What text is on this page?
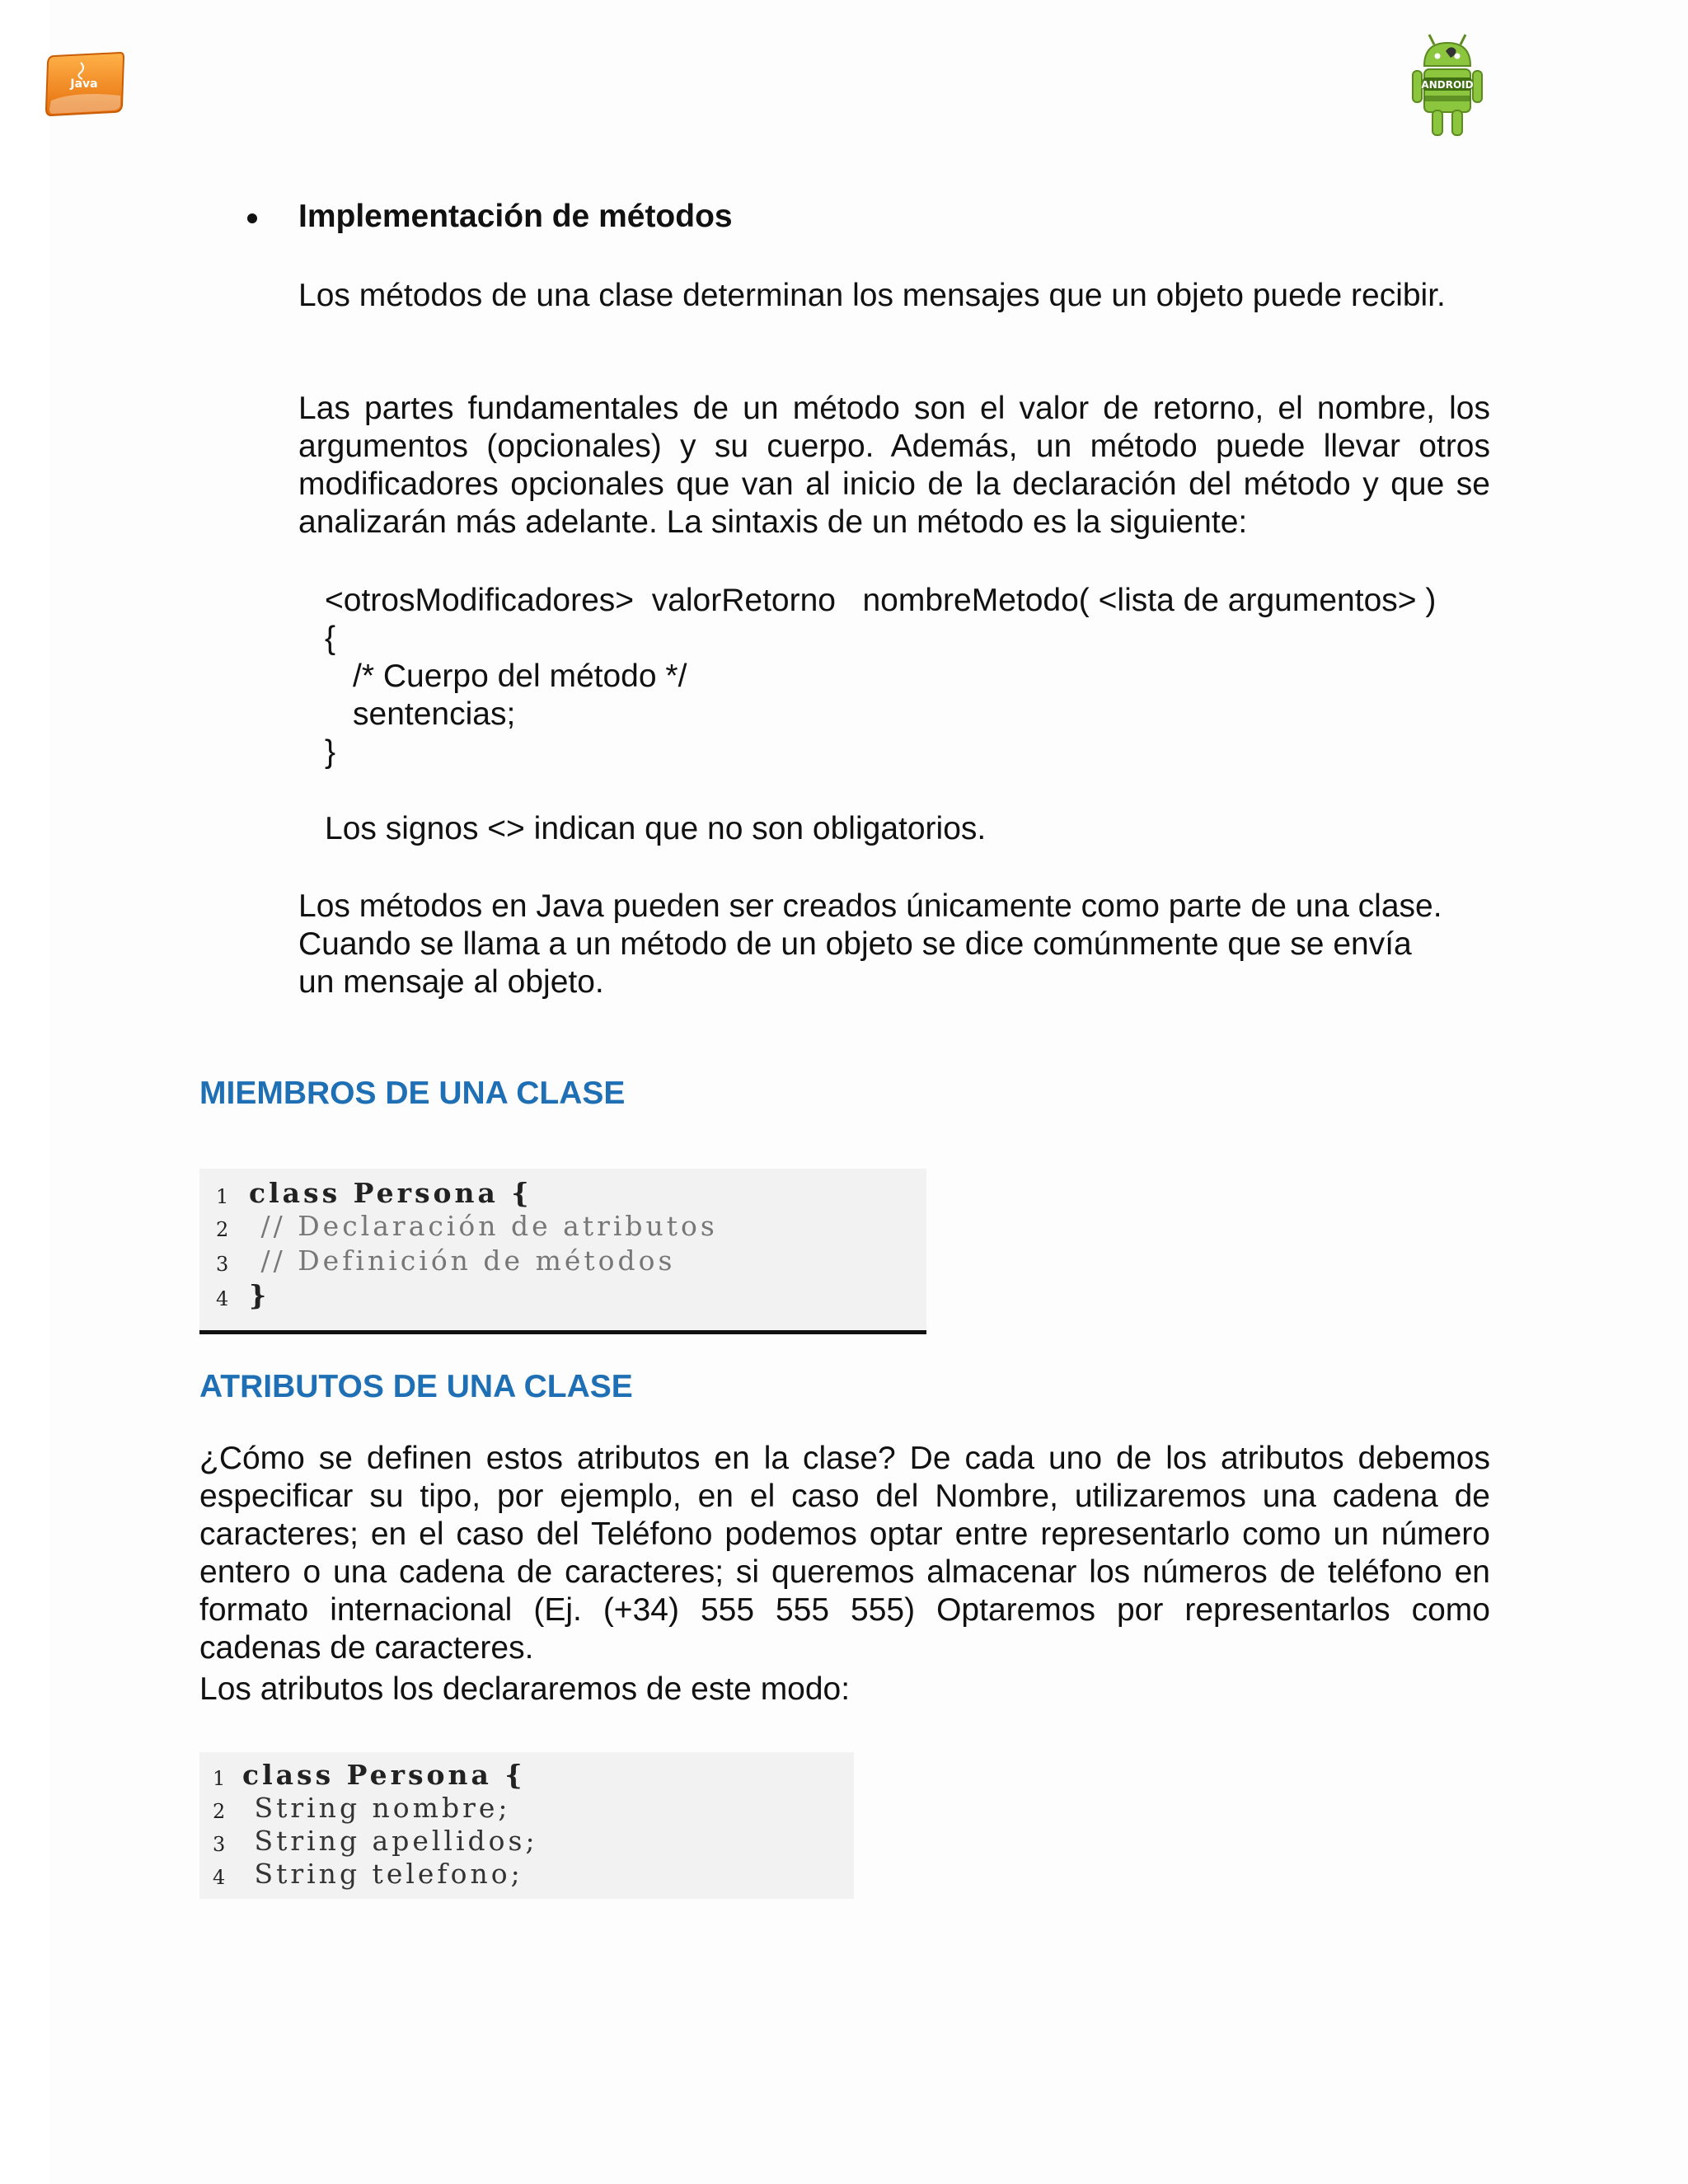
Java	ANDROID
Implementación de métodos
Los métodos de una clase determinan los mensajes que un objeto puede recibir.
Las partes fundamentales de un método son el valor de retorno, el nombre, los argumentos (opcionales) y su cuerpo. Además, un método puede llevar otros modificadores opcionales que van al inicio de la declaración del método y que se analizarán más adelante. La sintaxis de un método es la siguiente:
<otrosModificadores>  valorRetorno   nombreMetodo( <lista de argumentos> )
{
/* Cuerpo del método */
sentencias;
}
Los signos <> indican que no son obligatorios.
Los métodos en Java pueden ser creados únicamente como parte de una clase.
Cuando se llama a un método de un objeto se dice comúnmente que se envía
un mensaje al objeto.
MIEMBROS DE UNA CLASE
1 class Persona {
2 // Declaración de atributos
3 // Definición de métodos
4 }
ATRIBUTOS DE UNA CLASE
¿Cómo se definen estos atributos en la clase? De cada uno de los atributos debemos especificar su tipo, por ejemplo, en el caso del Nombre, utilizaremos una cadena de caracteres; en el caso del Teléfono podemos optar entre representarlo como un número entero o una cadena de caracteres; si queremos almacenar los números de teléfono en formato internacional (Ej. (+34) 555 555 555) Optaremos por representarlos como cadenas de caracteres.
Los atributos los declararemos de este modo:
1 class Persona {
2 String nombre;
3 String apellidos;
4 String telefono;
